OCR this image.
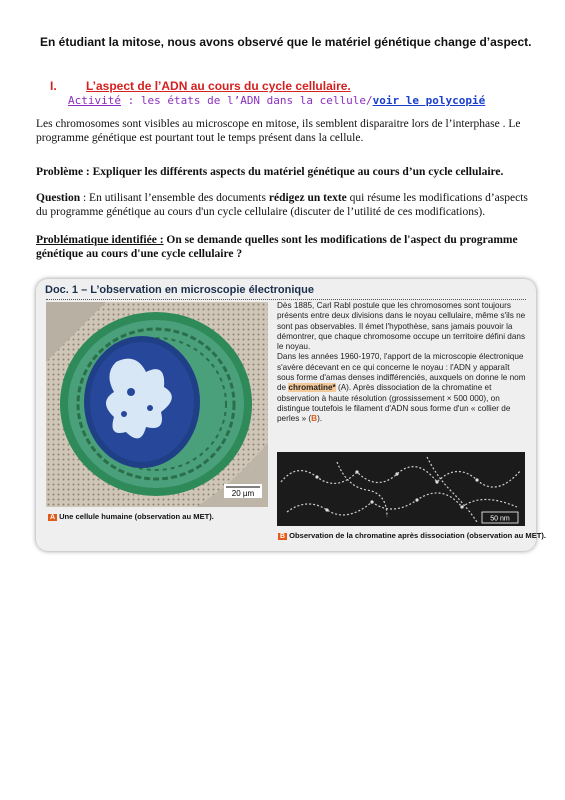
En étudiant la mitose, nous avons observé que le matériel génétique change d’aspect.
I. L’aspect de l’ADN au cours du cycle cellulaire.
Activité : les états de l’ADN dans la cellule/voir le polycopié
Les chromosomes sont visibles au microscope en mitose, ils semblent disparaitre lors de l’interphase . Le programme génétique est pourtant tout le temps présent dans la cellule.
Problème : Expliquer les différents aspects du matériel génétique au cours d’un cycle cellulaire.
Question : En utilisant l’ensemble des documents rédigez un texte qui résume les modifications d’aspects du programme génétique au cours d'un cycle cellulaire (discuter de l’utilité de ces modifications).
Problématique identifiée : On se demande quelles sont les modifications de l'aspect du programme génétique au cours d'une cycle cellulaire ?
Doc. 1 – L’observation en microscopie électronique
20 µm
Dès 1885, Carl Rabl postule que les chromosomes sont toujours présents entre deux divisions dans le noyau cellulaire, même s'ils ne sont pas observables. Il émet l'hypothèse, sans jamais pouvoir la démontrer, que chaque chromosome occupe un territoire défini dans le noyau.
Dans les années 1960-1970, l'apport de la microscopie électronique s'avère décevant en ce qui concerne le noyau : l'ADN y apparaît sous forme d'amas denses indifférenciés, auxquels on donne le nom de chromatine* (A). Après dissociation de la chromatine et observation à haute résolution (grossissement × 500 000), on distingue toutefois le filament d'ADN sous forme d'un « collier de perles » (B).
50 nm
A Une cellule humaine (observation au MET).
B Observation de la chromatine après dissociation (observation au MET).
